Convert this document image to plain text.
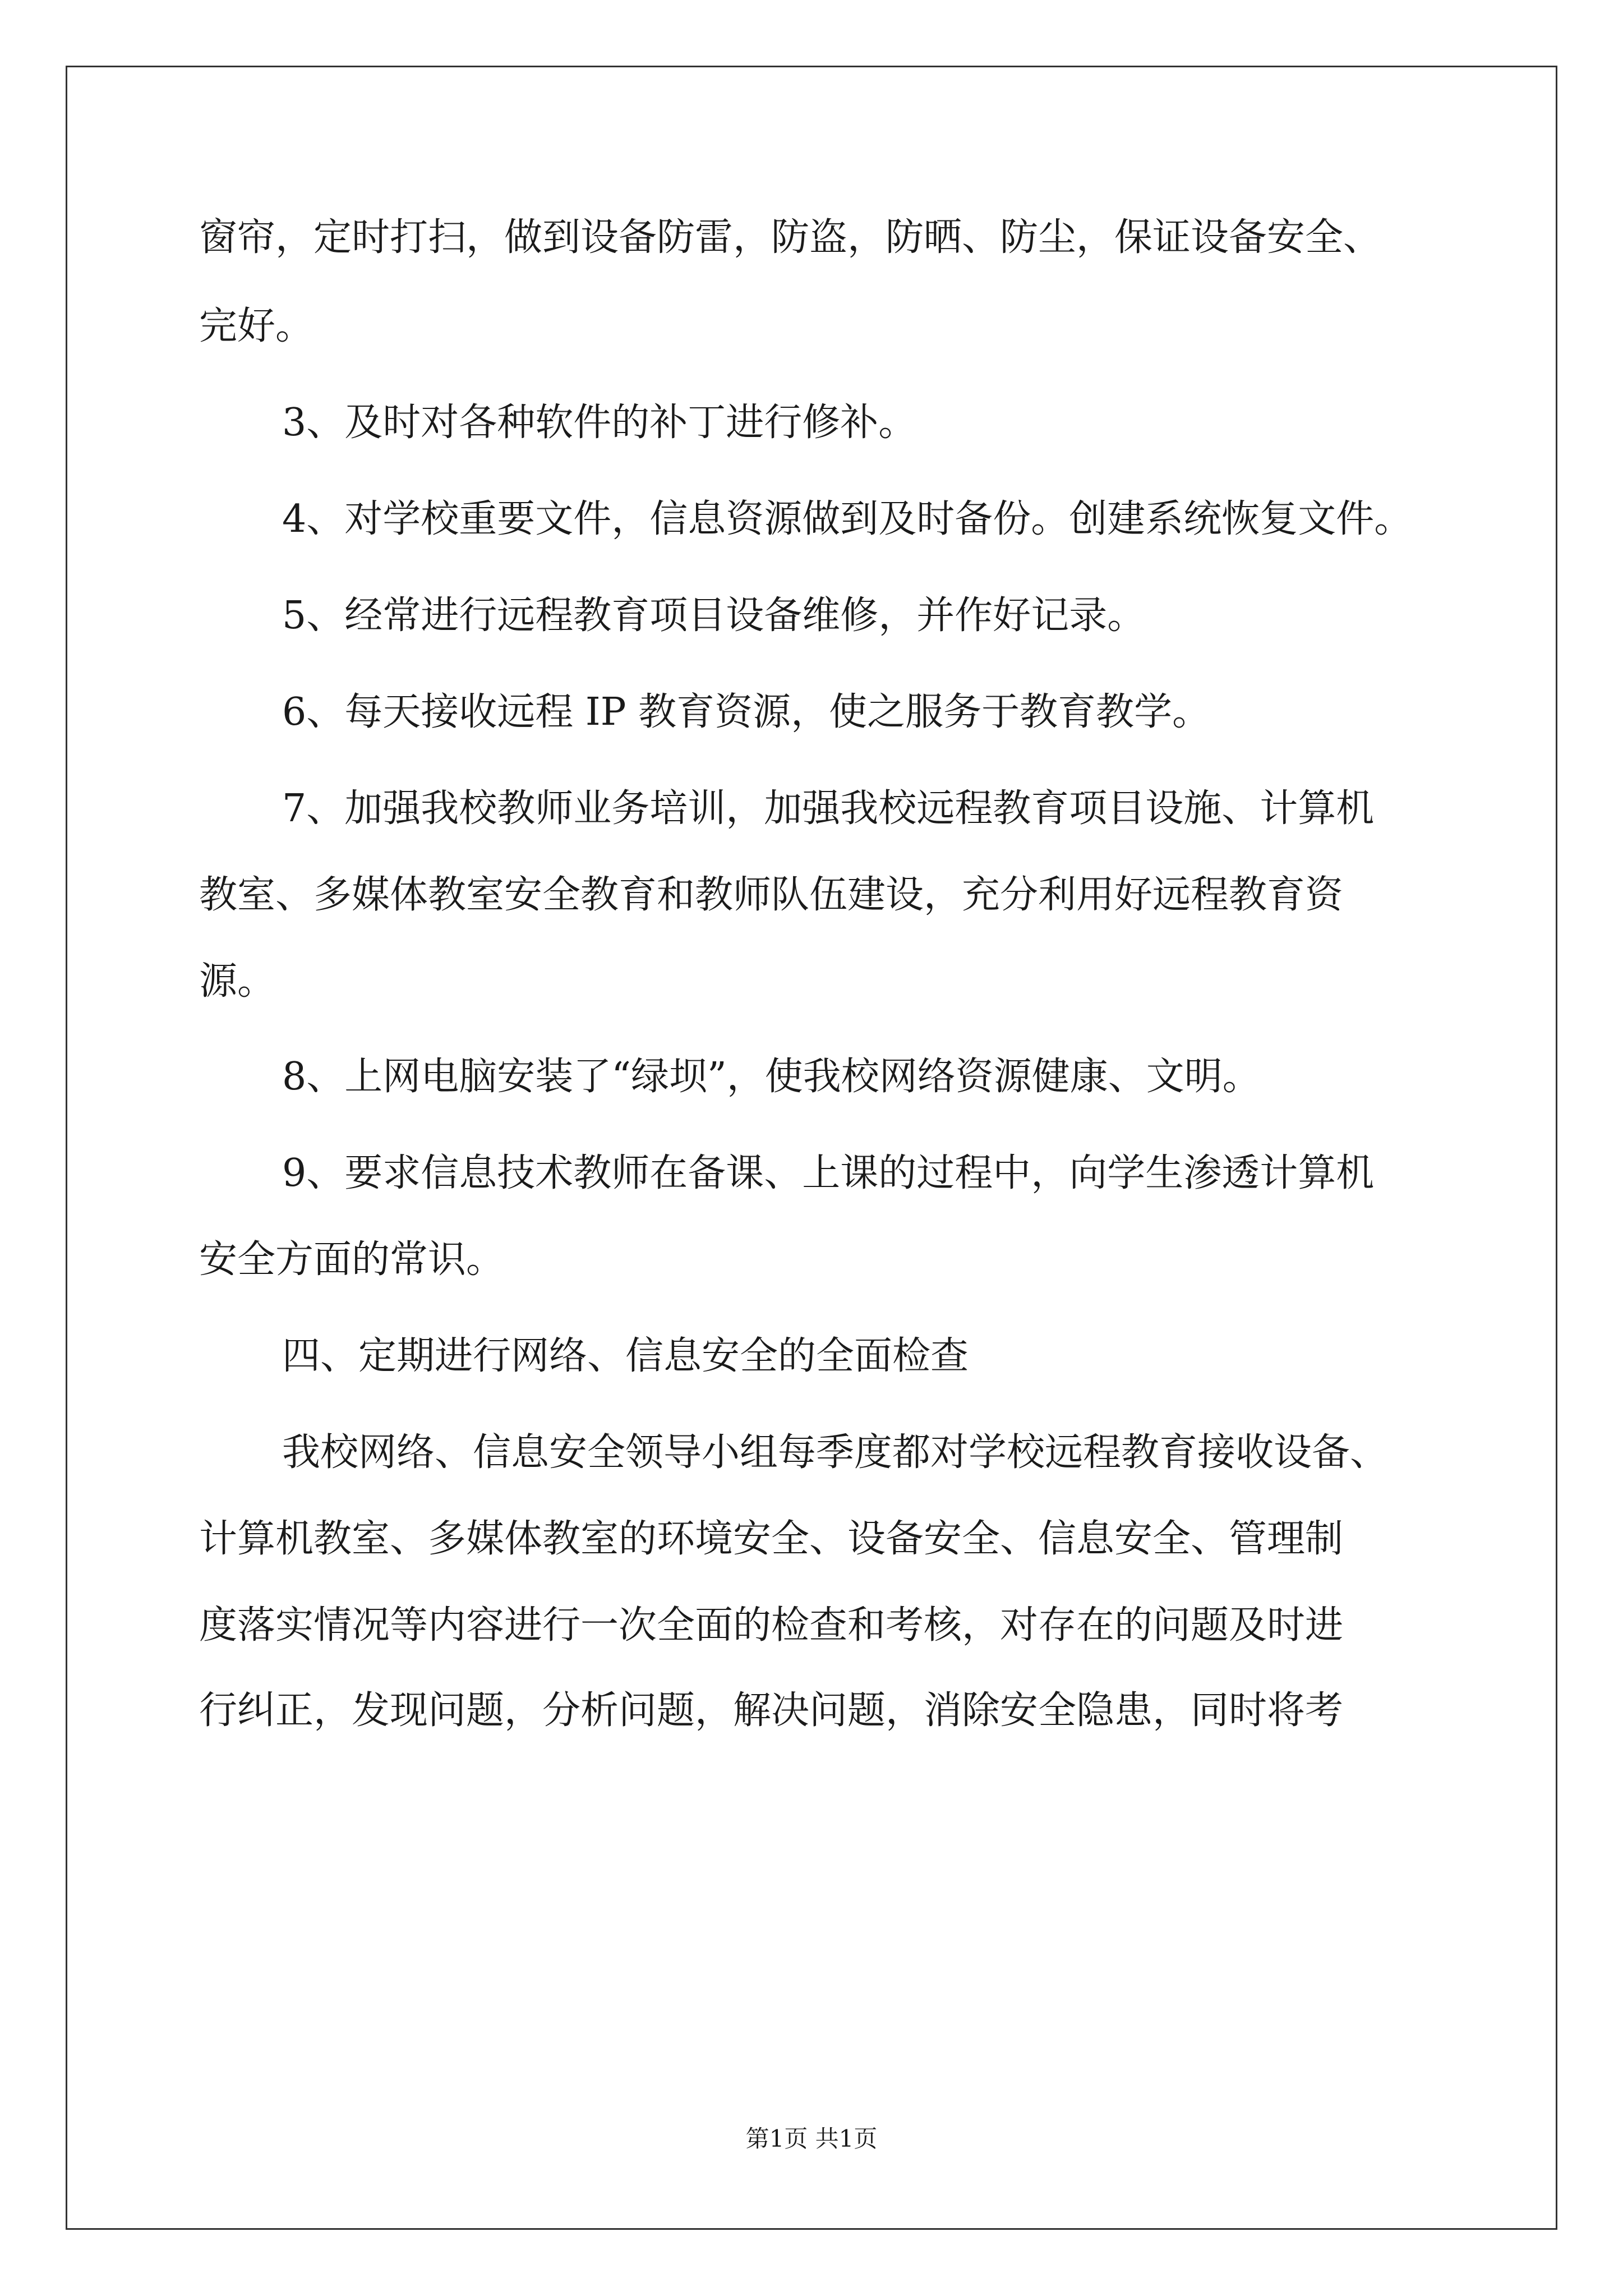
窗帘，定时打扫，做到设备防雷，防盗，防晒、防尘，保证设备安全、
完好。
3、及时对各种软件的补丁进行修补。
4、对学校重要文件，信息资源做到及时备份。创建系统恢复文件。
5、经常进行远程教育项目设备维修，并作好记录。
6、每天接收远程 IP 教育资源，使之服务于教育教学。
7、加强我校教师业务培训，加强我校远程教育项目设施、计算机
教室、多媒体教室安全教育和教师队伍建设，充分利用好远程教育资
源。
8、上网电脑安装了“绿坝”，使我校网络资源健康、文明。
9、要求信息技术教师在备课、上课的过程中，向学生渗透计算机
安全方面的常识。
四、定期进行网络、信息安全的全面检查
我校网络、信息安全领导小组每季度都对学校远程教育接收设备、
计算机教室、多媒体教室的环境安全、设备安全、信息安全、管理制
度落实情况等内容进行一次全面的检查和考核，对存在的问题及时进
行纠正，发现问题，分析问题，解决问题，消除安全隐患，同时将考
第1页 共1页
